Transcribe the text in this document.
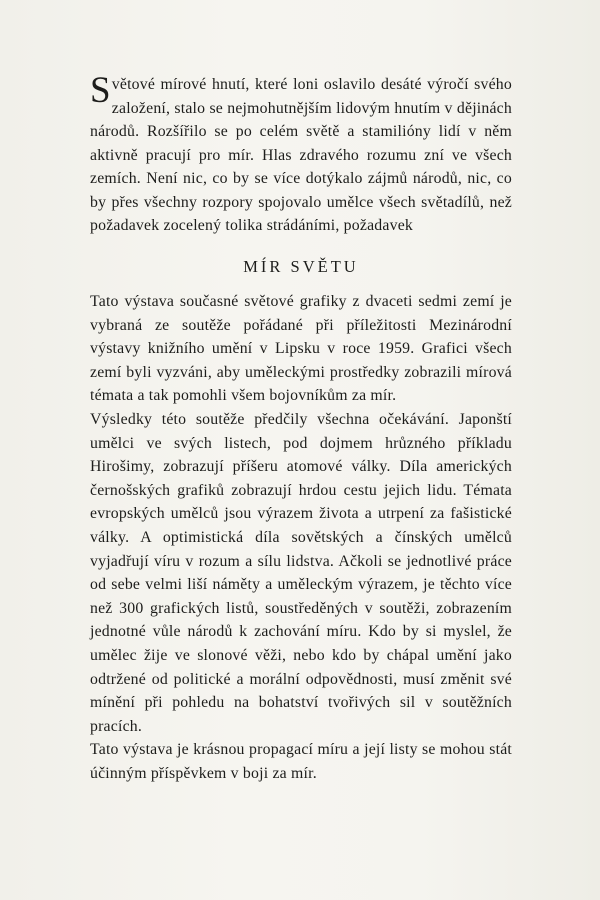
Světové mírové hnutí, které loni oslavilo desáté výročí svého založení, stalo se nejmohutnějším lidovým hnutím v dějinách národů. Rozšířilo se po celém světě a stamilióny lidí v něm aktivně pracují pro mír. Hlas zdravého rozumu zní ve všech zemích. Není nic, co by se více dotýkalo zájmů národů, nic, co by přes všechny rozpory spojovalo umělce všech světadílů, než požadavek zocelený tolika strádáními, požadavek
MÍR SVĚTU

Tato výstava současné světové grafiky z dvaceti sedmi zemí je vybraná ze soutěže pořádané při příležitosti Mezinárodní výstavy knižního umění v Lipsku v roce 1959. Grafici všech zemí byli vyzváni, aby uměleckými prostředky zobrazili mírová témata a tak pomohli všem bojovníkům za mír.

Výsledky této soutěže předčily všechna očekávání. Japonští umělci ve svých listech, pod dojmem hrůzného příkladu Hirošimy, zobrazují příšeru atomové války. Díla amerických černošských grafiků zobrazují hrdou cestu jejich lidu. Témata evropských umělců jsou výrazem života a utrpení za fašistické války. A optimistická díla sovětských a čínských umělců vyjadřují víru v rozum a sílu lidstva. Ačkoli se jednotlivé práce od sebe velmi liší náměty a uměleckým výrazem, je těchto více než 300 grafických listů, soustředěných v soutěži, zobrazením jednotné vůle národů k zachování míru. Kdo by si myslel, že umělec žije ve slonové věži, nebo kdo by chápal umění jako odtržené od politické a morální odpovědnosti, musí změnit své mínění při pohledu na bohatství tvořivých sil v soutěžních pracích.

Tato výstava je krásnou propagací míru a její listy se mohou stát účinným příspěvkem v boji za mír.
